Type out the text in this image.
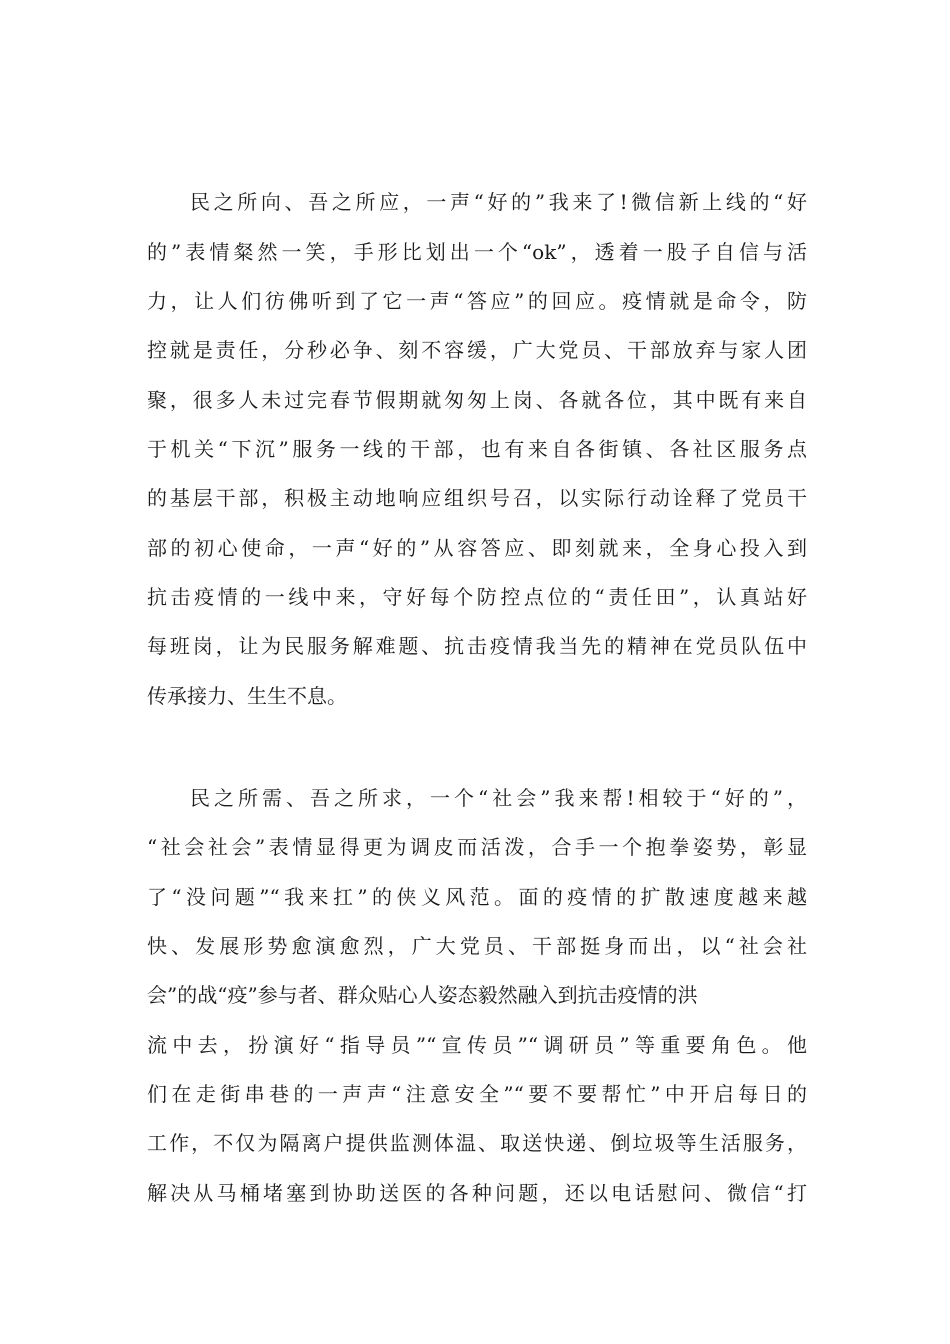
民之所向、吾之所应，一声“好的”我来了!微信新上线的“好

的”表情粲然一笑，手形比划出一个“ok”，透着一股子自信与活

力，让人们彷佛听到了它一声“答应”的回应。疫情就是命令，防

控就是责任，分秒必争、刻不容缓，广大党员、干部放弃与家人团

聚，很多人未过完春节假期就匆匆上岗、各就各位，其中既有来自

于机关“下沉”服务一线的干部，也有来自各街镇、各社区服务点

的基层干部，积极主动地响应组织号召，以实际行动诠释了党员干

部的初心使命，一声“好的”从容答应、即刻就来，全身心投入到

抗击疫情的一线中来，守好每个防控点位的“责任田”，认真站好

每班岗，让为民服务解难题、抗击疫情我当先的精神在党员队伍中

传承接力、生生不息。

民之所需、吾之所求，一个“社会”我来帮!相较于“好的”，

“社会社会”表情显得更为调皮而活泼，合手一个抱拳姿势，彰显

了“没问题”“我来扛”的侠义风范。面的疫情的扩散速度越来越

快、发展形势愈演愈烈，广大党员、干部挺身而出，以“社会社

会”的战“疫”参与者、群众贴心人姿态毅然融入到抗击疫情的洪

流中去，扮演好“指导员”“宣传员”“调研员”等重要角色。他

们在走街串巷的一声声“注意安全”“要不要帮忙”中开启每日的

工作，不仅为隔离户提供监测体温、取送快递、倒垃圾等生活服务，

解决从马桶堵塞到协助送医的各种问题，还以电话慰问、微信“打
